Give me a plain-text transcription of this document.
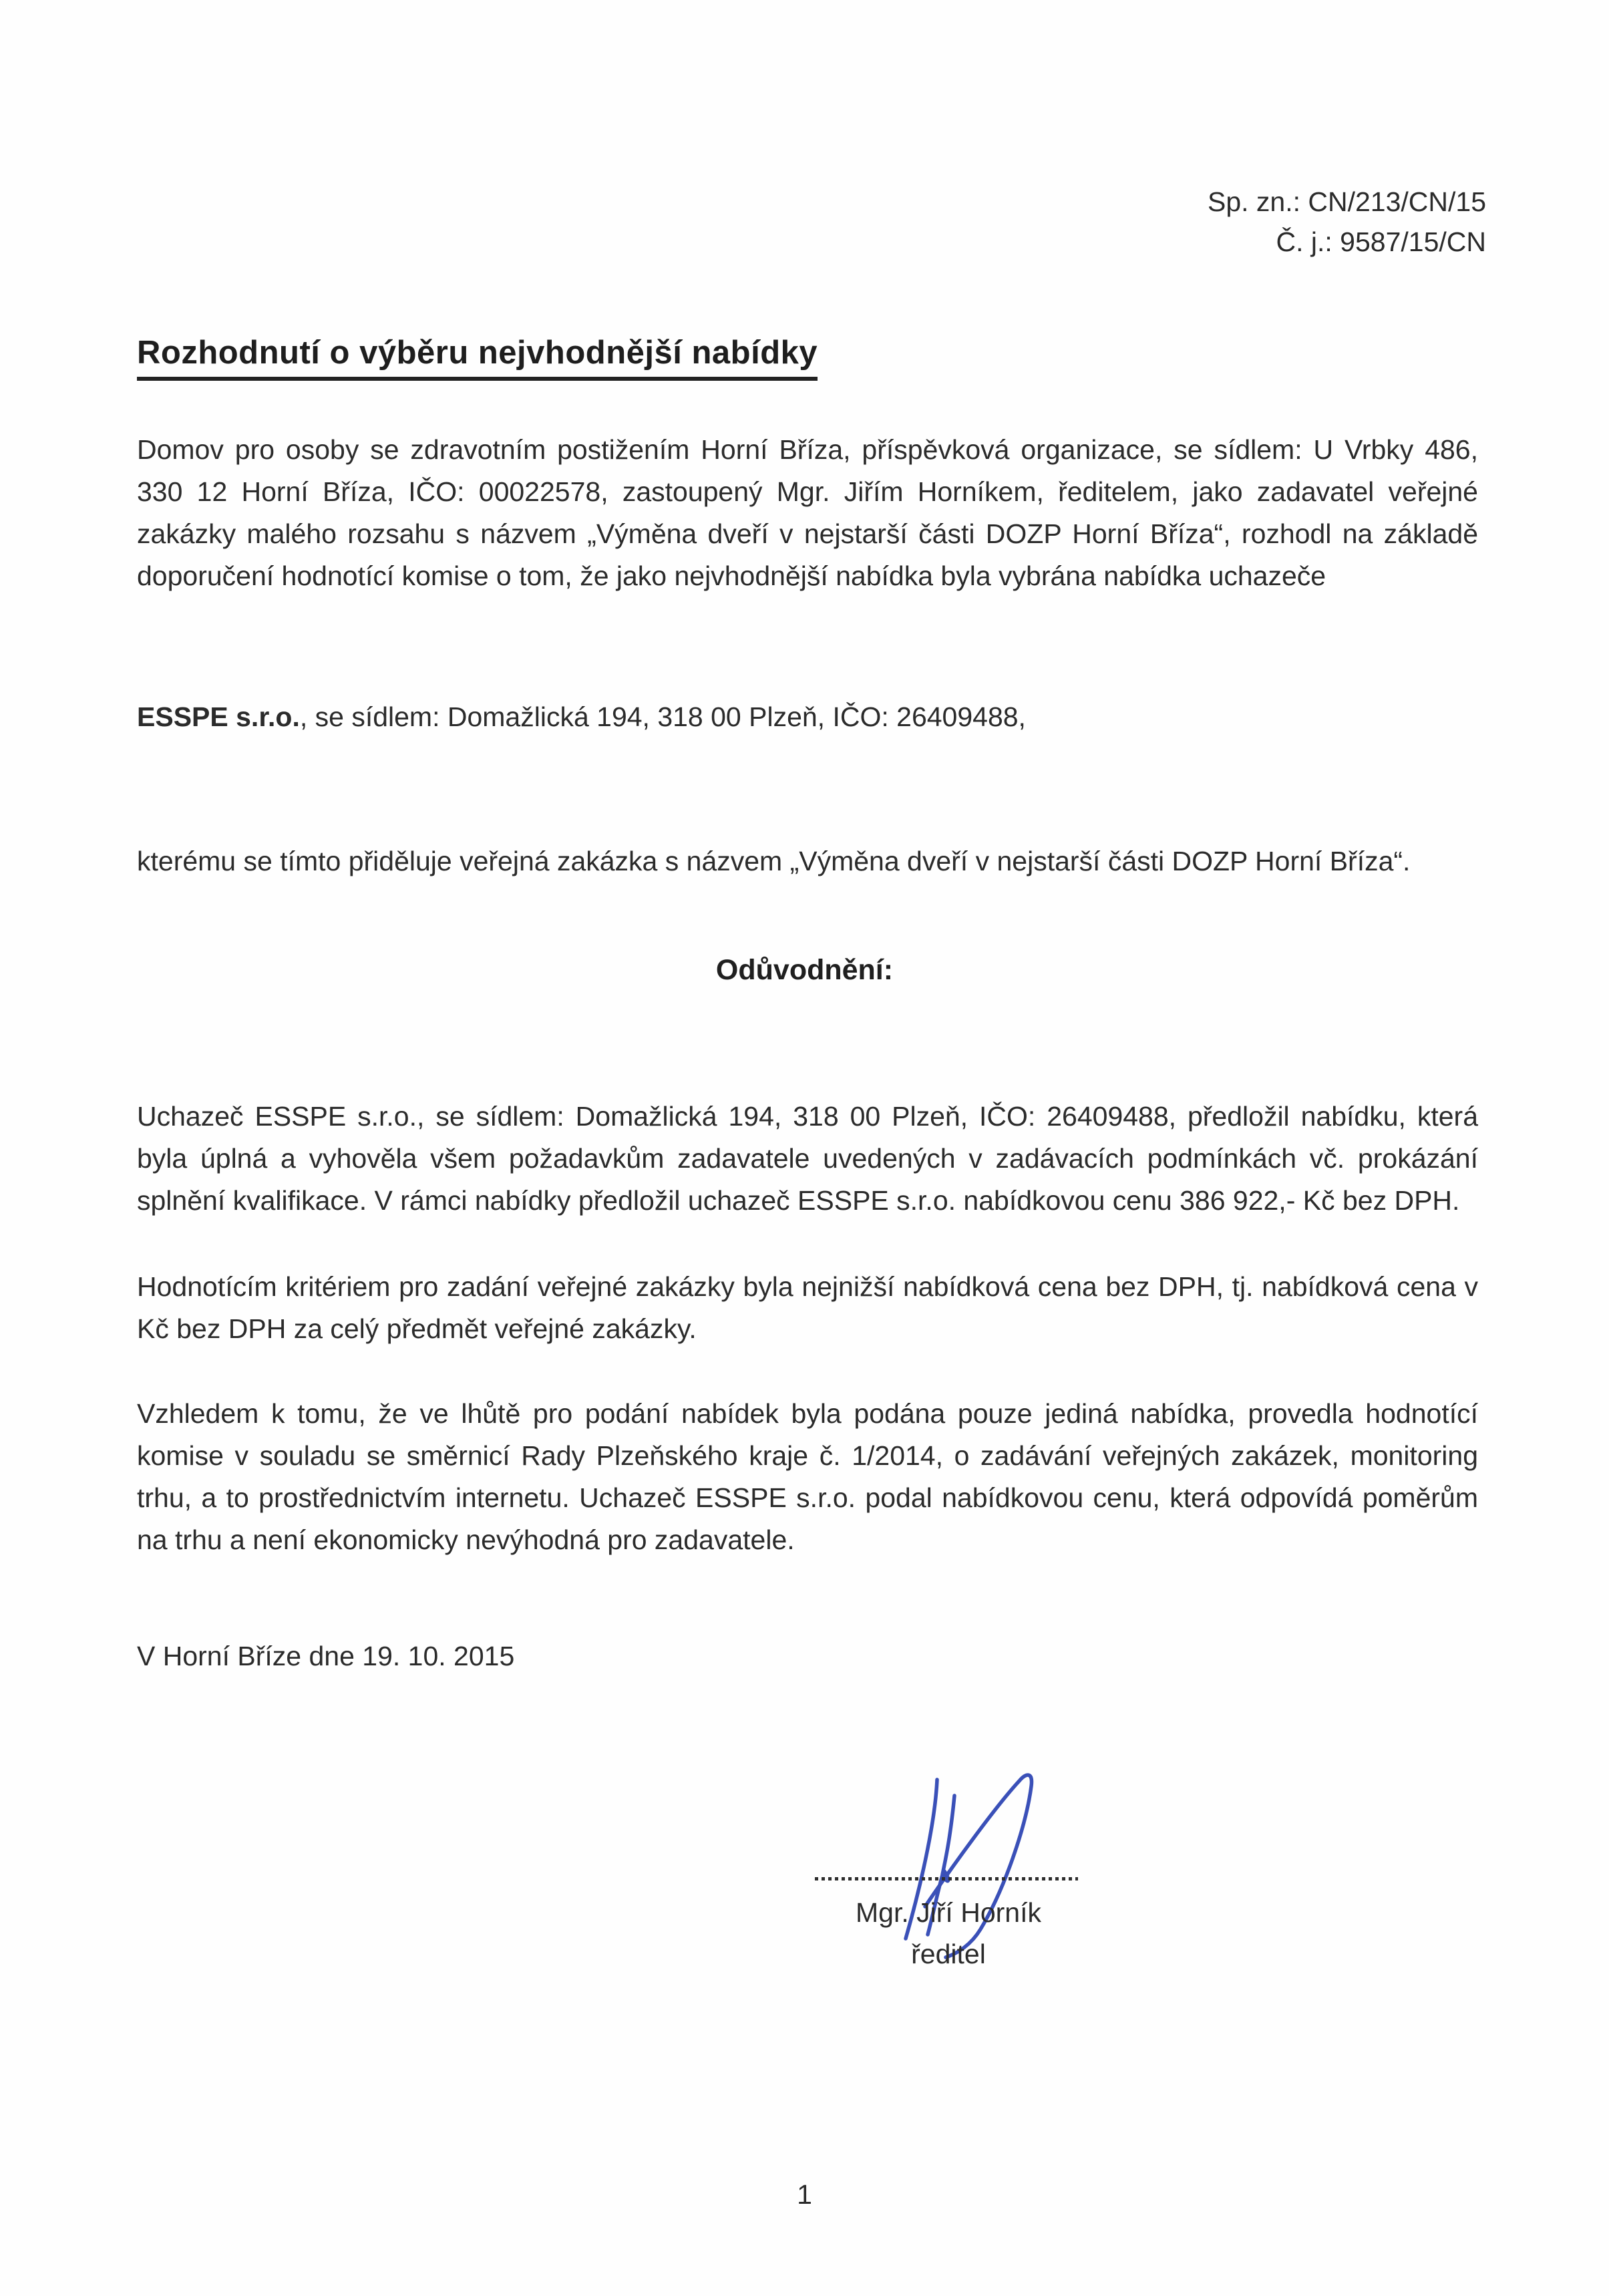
Sp. zn.: CN/213/CN/15
Č. j.: 9587/15/CN
Rozhodnutí o výběru nejvhodnější nabídky

Domov pro osoby se zdravotním postižením Horní Bříza, příspěvková organizace, se sídlem: U Vrbky 486, 330 12 Horní Bříza, IČO: 00022578, zastoupený Mgr. Jiřím Horníkem, ředitelem, jako zadavatel veřejné zakázky malého rozsahu s názvem „Výměna dveří v nejstarší části DOZP Horní Bříza“, rozhodl na základě doporučení hodnotící komise o tom, že jako nejvhodnější nabídka byla vybrána nabídka uchazeče

ESSPE s.r.o., se sídlem: Domažlická 194, 318 00 Plzeň, IČO: 26409488,

kterému se tímto přiděluje veřejná zakázka s názvem „Výměna dveří v nejstarší části DOZP Horní Bříza“.

Odůvodnění:

Uchazeč ESSPE s.r.o., se sídlem: Domažlická 194, 318 00 Plzeň, IČO: 26409488, předložil nabídku, která byla úplná a vyhověla všem požadavkům zadavatele uvedených v zadávacích podmínkách vč. prokázání splnění kvalifikace. V rámci nabídky předložil uchazeč ESSPE s.r.o. nabídkovou cenu 386 922,- Kč bez DPH.

Hodnotícím kritériem pro zadání veřejné zakázky byla nejnižší nabídková cena bez DPH, tj. nabídková cena v Kč bez DPH za celý předmět veřejné zakázky.

Vzhledem k tomu, že ve lhůtě pro podání nabídek byla podána pouze jediná nabídka, provedla hodnotící komise v souladu se směrnicí Rady Plzeňského kraje č. 1/2014, o zadávání veřejných zakázek, monitoring trhu, a to prostřednictvím internetu. Uchazeč ESSPE s.r.o. podal nabídkovou cenu, která odpovídá poměrům na trhu a není ekonomicky nevýhodná pro zadavatele.

V Horní Bříze dne 19. 10. 2015

Mgr. Jiří Horník
ředitel
1
